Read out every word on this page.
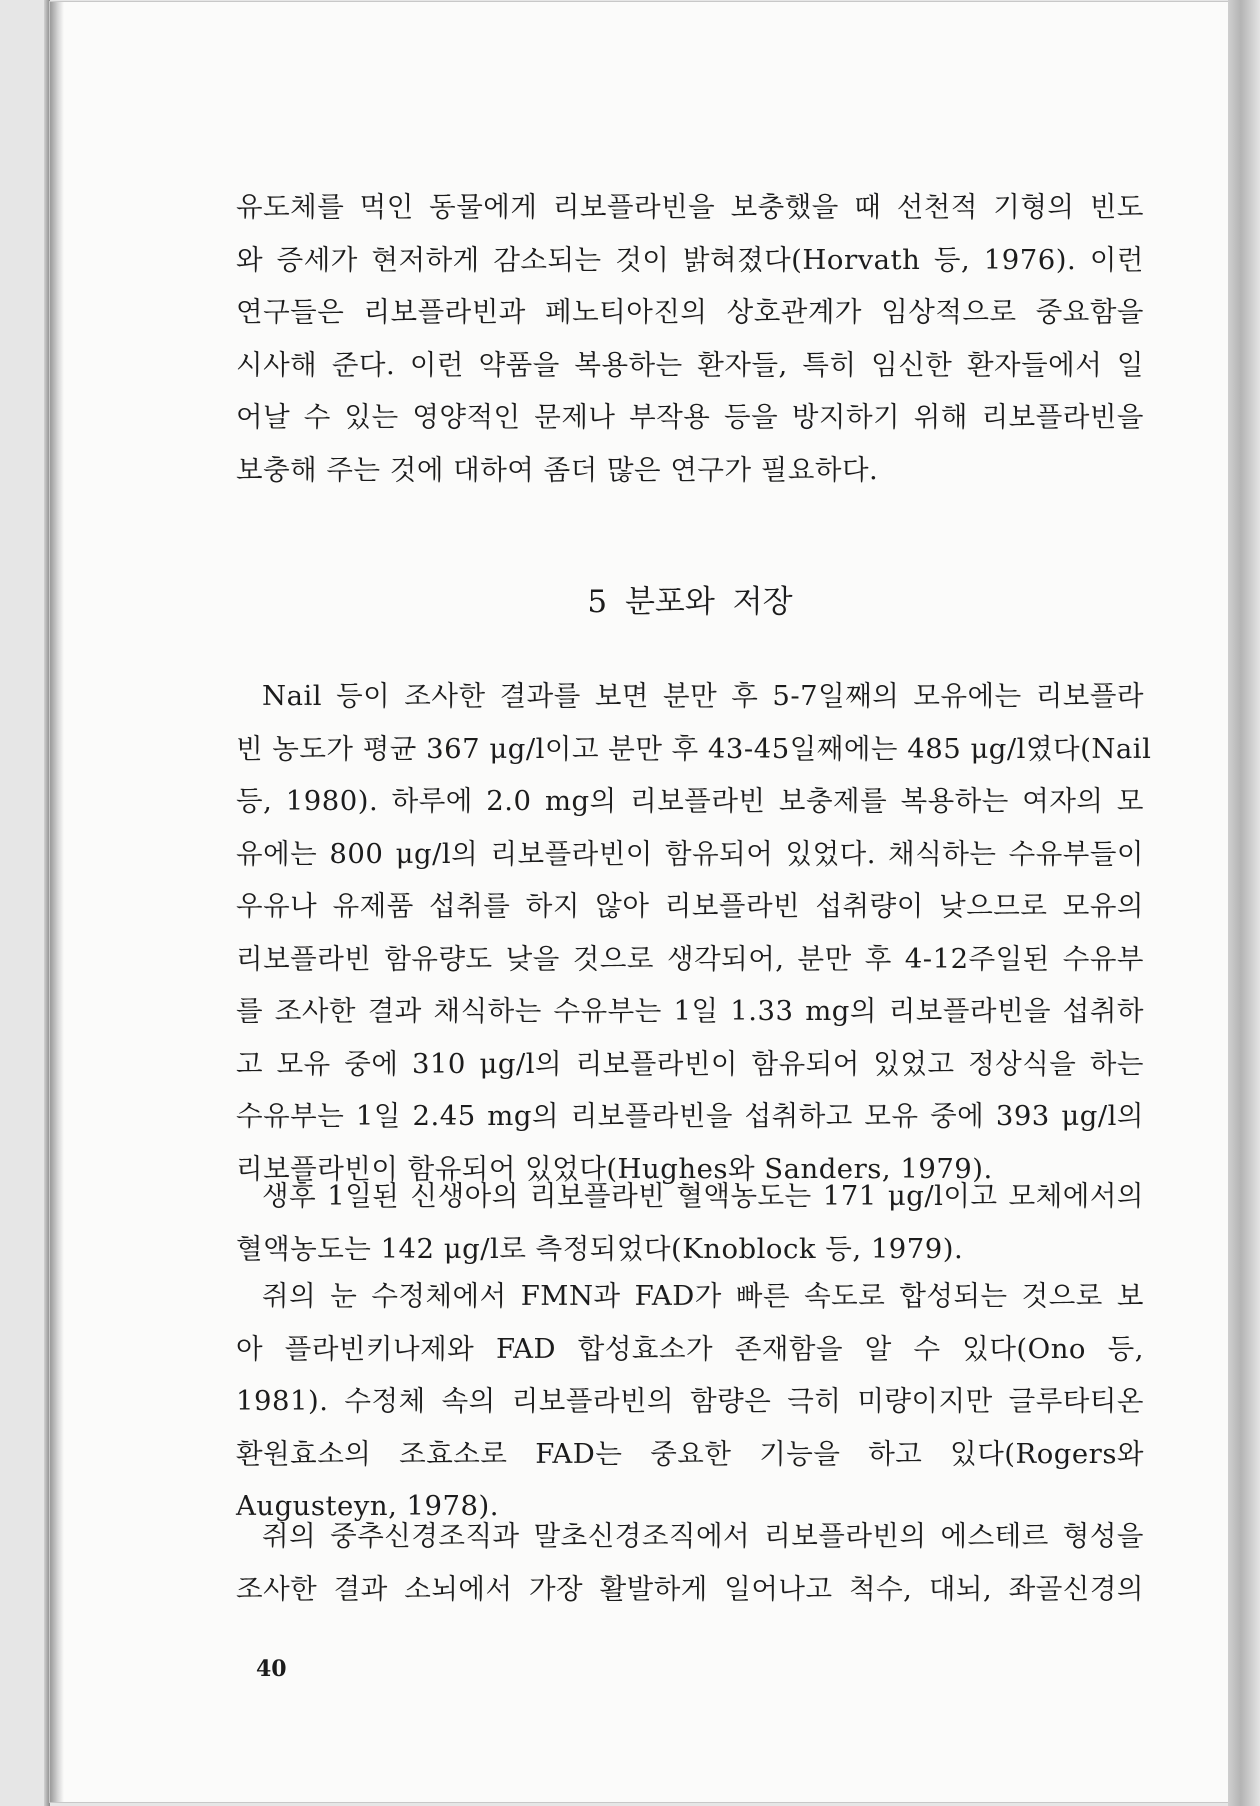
유도체를 먹인 동물에게 리보플라빈을 보충했을 때 선천적 기형의 빈도
와 증세가 현저하게 감소되는 것이 밝혀졌다(Horvath 등, 1976). 이런
연구들은 리보플라빈과 페노티아진의 상호관계가 임상적으로 중요함을
시사해 준다. 이런 약품을 복용하는 환자들, 특히 임신한 환자들에서 일
어날 수 있는 영양적인 문제나 부작용 등을 방지하기 위해 리보플라빈을
보충해 주는 것에 대하여 좀더 많은 연구가 필요하다.
5 분포와 저장
Nail 등이 조사한 결과를 보면 분만 후 5-7일째의 모유에는 리보플라
빈 농도가 평균 367 μg/l이고 분만 후 43-45일째에는 485 μg/l였다(Nail
등, 1980). 하루에 2.0 mg의 리보플라빈 보충제를 복용하는 여자의 모
유에는 800 μg/l의 리보플라빈이 함유되어 있었다. 채식하는 수유부들이
우유나 유제품 섭취를 하지 않아 리보플라빈 섭취량이 낮으므로 모유의
리보플라빈 함유량도 낮을 것으로 생각되어, 분만 후 4-12주일된 수유부
를 조사한 결과 채식하는 수유부는 1일 1.33 mg의 리보플라빈을 섭취하
고 모유 중에 310 μg/l의 리보플라빈이 함유되어 있었고 정상식을 하는
수유부는 1일 2.45 mg의 리보플라빈을 섭취하고 모유 중에 393 μg/l의
리보플라빈이 함유되어 있었다(Hughes와 Sanders, 1979).
생후 1일된 신생아의 리보플라빈 혈액농도는 171 μg/l이고 모체에서의
혈액농도는 142 μg/l로 측정되었다(Knoblock 등, 1979).
쥐의 눈 수정체에서 FMN과 FAD가 빠른 속도로 합성되는 것으로 보
아 플라빈키나제와 FAD 합성효소가 존재함을 알 수 있다(Ono 등,
1981). 수정체 속의 리보플라빈의 함량은 극히 미량이지만 글루타티온
환원효소의 조효소로 FAD는 중요한 기능을 하고 있다(Rogers와
Augusteyn, 1978).
쥐의 중추신경조직과 말초신경조직에서 리보플라빈의 에스테르 형성을
조사한 결과 소뇌에서 가장 활발하게 일어나고 척수, 대뇌, 좌골신경의
40
